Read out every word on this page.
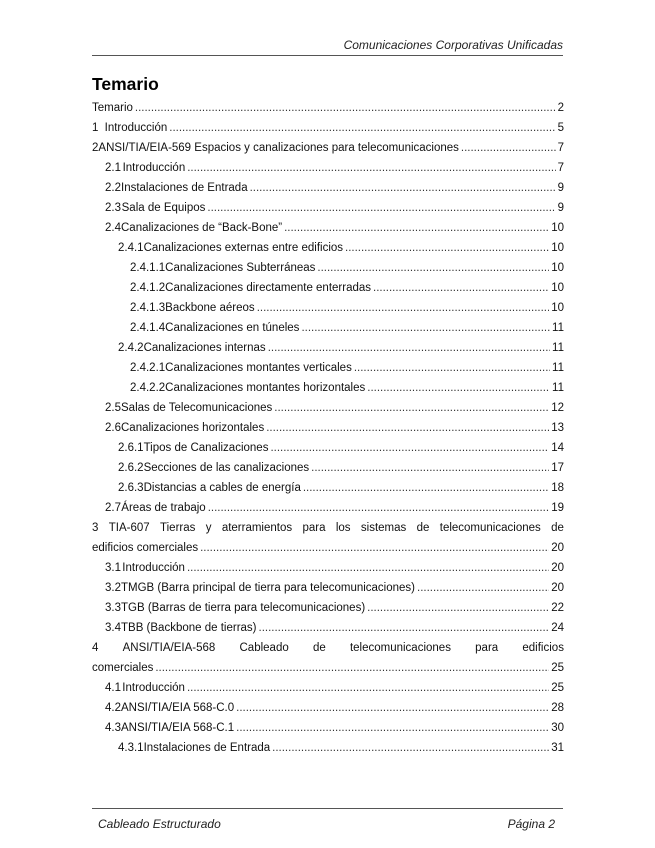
Comunicaciones Corporativas Unificadas
Temario
Temario . . .	2
1 Introducción . . .	5
2 ANSI/TIA/EIA-569 Espacios y canalizaciones para telecomunicaciones . . .	7
2.1 Introducción . . .	7
2.2 Instalaciones de Entrada . . .	9
2.3 Sala de Equipos . . .	9
2.4 Canalizaciones de “Back-Bone” . . .	10
2.4.1 Canalizaciones externas entre edificios . . .	10
2.4.1.1 Canalizaciones Subterráneas . . .	10
2.4.1.2 Canalizaciones directamente enterradas . . .	10
2.4.1.3 Backbone aéreos . . .	10
2.4.1.4 Canalizaciones en túneles . . .	11
2.4.2 Canalizaciones internas . . .	11
2.4.2.1 Canalizaciones montantes verticales . . .	11
2.4.2.2 Canalizaciones montantes horizontales . . .	11
2.5 Salas de Telecomunicaciones . . .	12
2.6 Canalizaciones horizontales . . .	13
2.6.1 Tipos de Canalizaciones . . .	14
2.6.2 Secciones de las canalizaciones . . .	17
2.6.3 Distancias a cables de energía . . .	18
2.7 Áreas de trabajo . . .	19
3 TIA-607 Tierras y aterramientos para los sistemas de telecomunicaciones de
edificios comerciales . . .	20
3.1 Introducción . . .	20
3.2 TMGB (Barra principal de tierra para telecomunicaciones) . . .	20
3.3 TGB (Barras de tierra para telecomunicaciones) . . .	22
3.4 TBB (Backbone de tierras) . . .	24
4 ANSI/TIA/EIA-568 Cableado de telecomunicaciones para edificios
comerciales . . .	25
4.1 Introducción . . .	25
4.2 ANSI/TIA/EIA 568-C.0 . . .	28
4.3 ANSI/TIA/EIA 568-C.1 . . .	30
4.3.1 Instalaciones de Entrada . . .	31
Cableado Estructurado	Página 2
